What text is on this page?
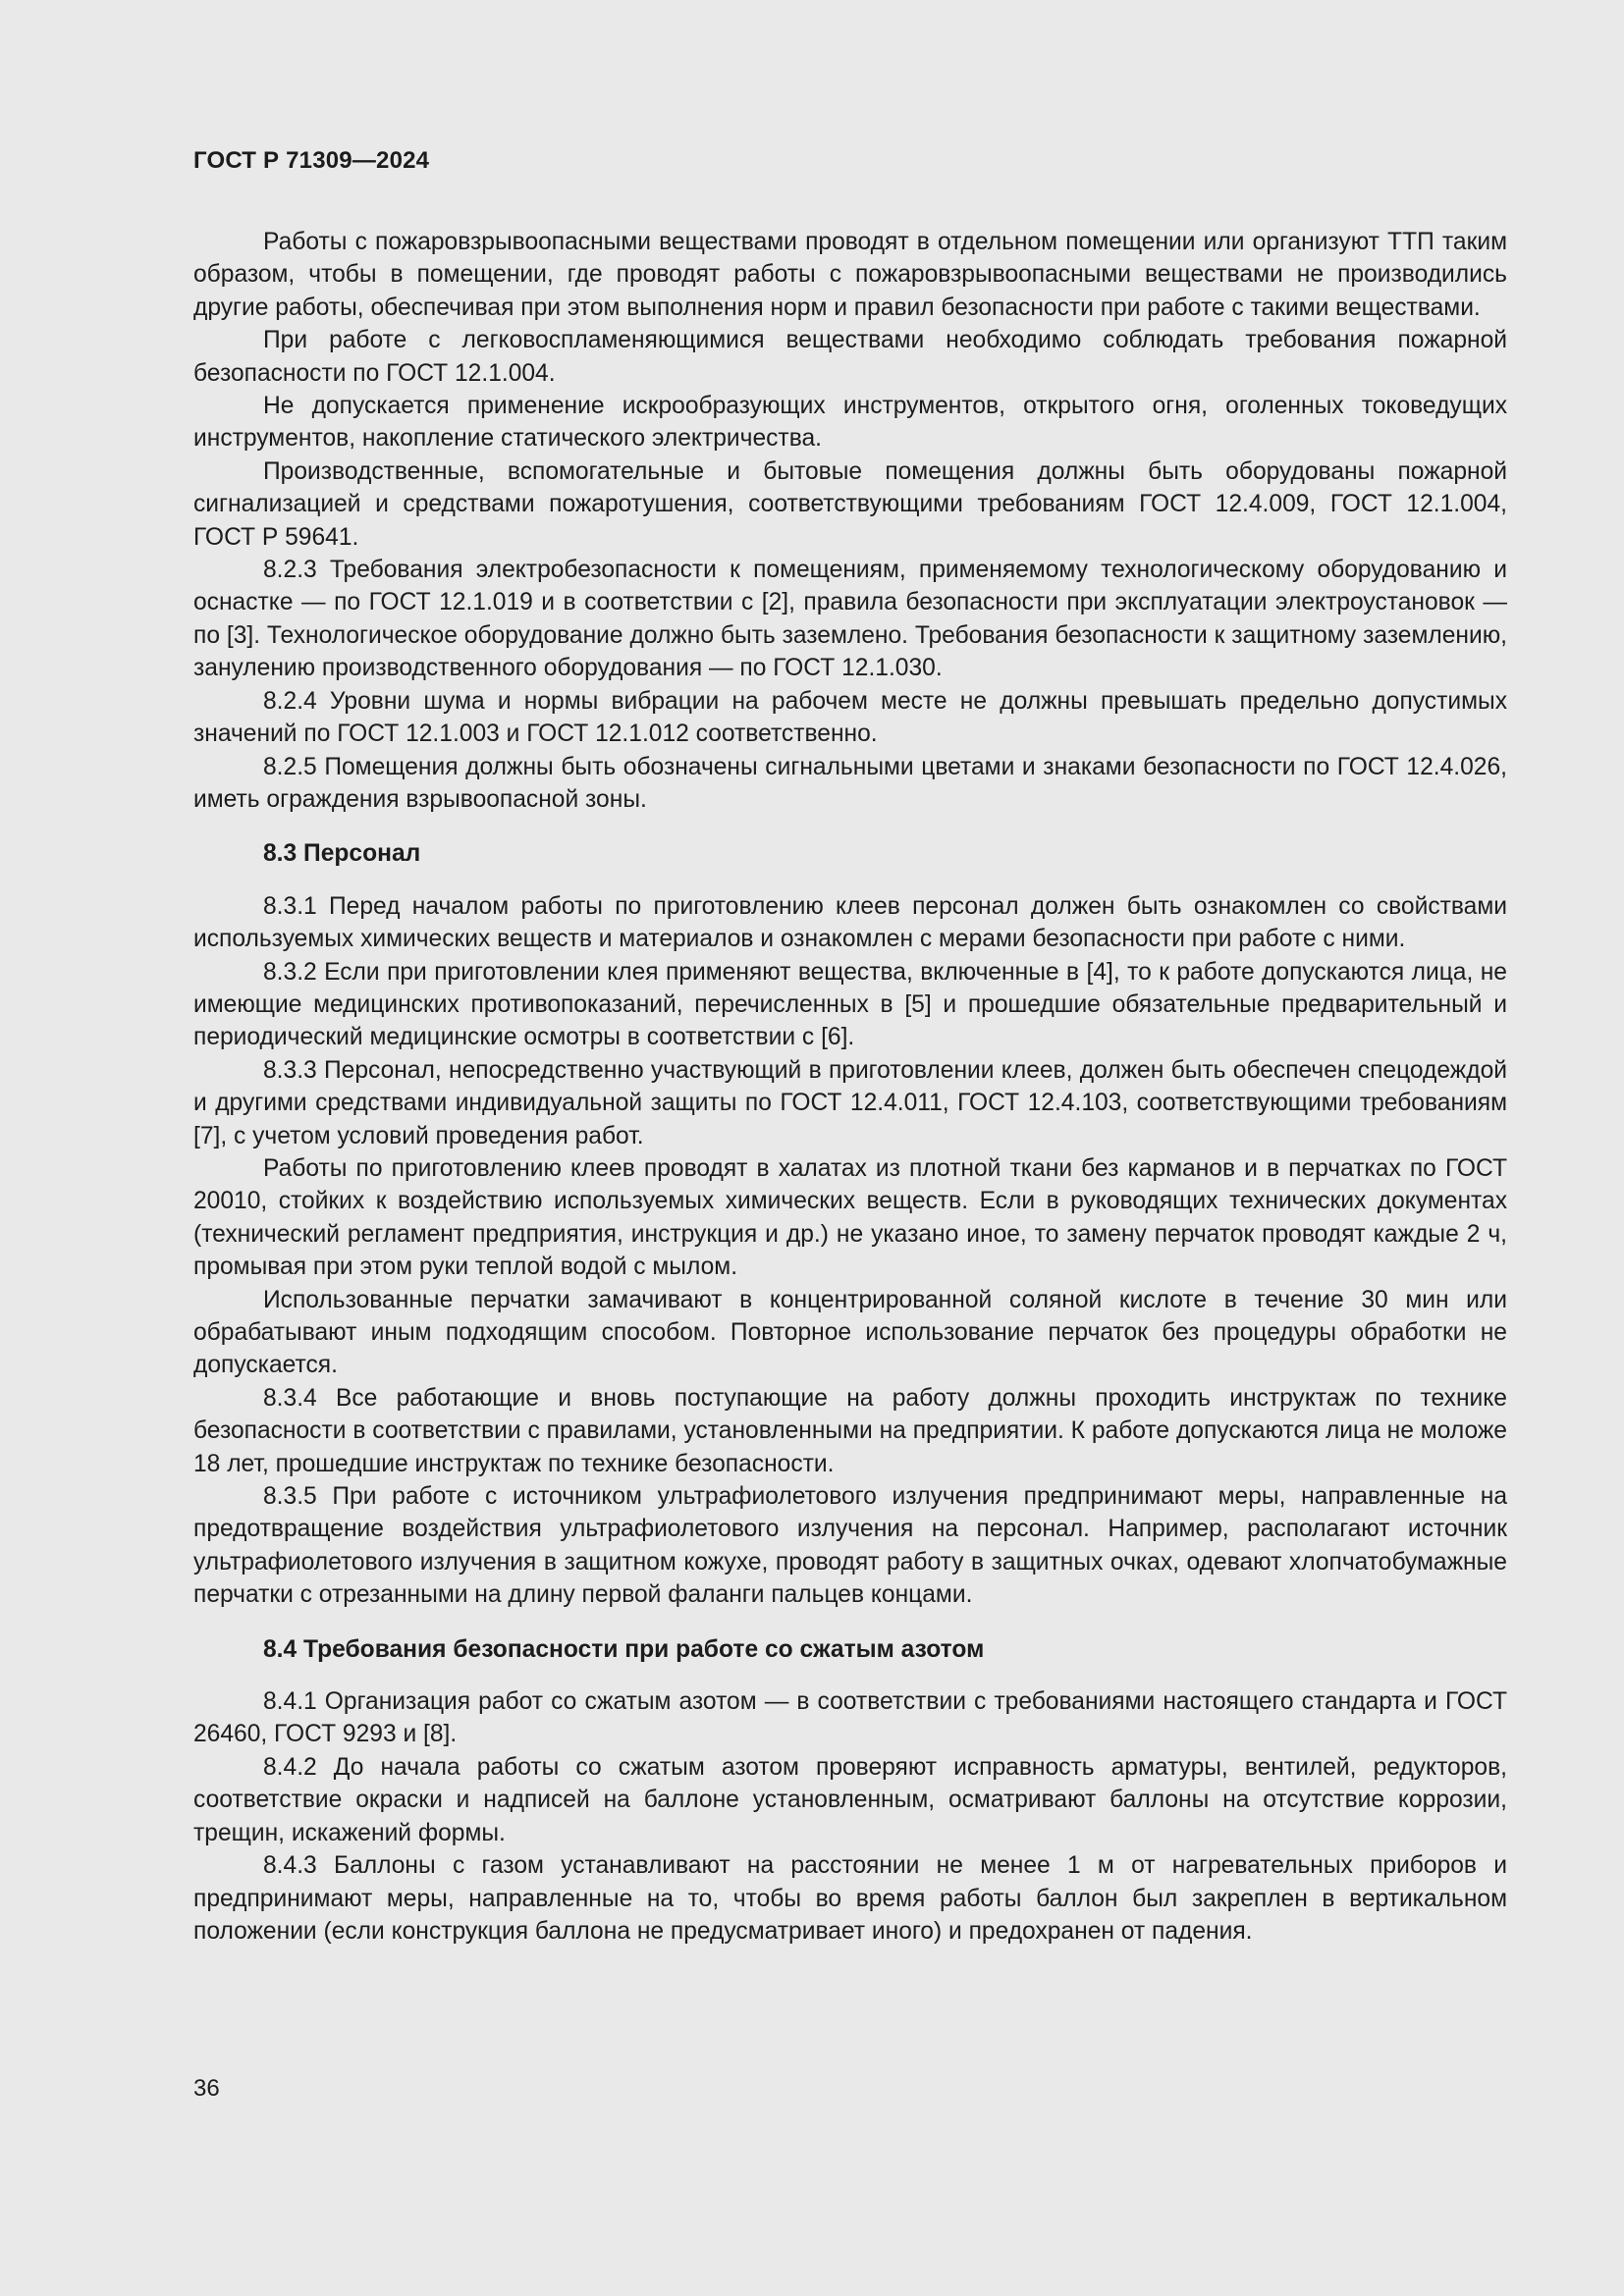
ГОСТ Р 71309—2024

Работы с пожаровзрывоопасными веществами проводят в отдельном помещении или организуют ТТП таким образом, чтобы в помещении, где проводят работы с пожаровзрывоопасными веществами не производились другие работы, обеспечивая при этом выполнения норм и правил безопасности при работе с такими веществами.

При работе с легковоспламеняющимися веществами необходимо соблюдать требования пожарной безопасности по ГОСТ 12.1.004.

Не допускается применение искрообразующих инструментов, открытого огня, оголенных токоведущих инструментов, накопление статического электричества.

Производственные, вспомогательные и бытовые помещения должны быть оборудованы пожарной сигнализацией и средствами пожаротушения, соответствующими требованиям ГОСТ 12.4.009, ГОСТ 12.1.004, ГОСТ Р 59641.

8.2.3 Требования электробезопасности к помещениям, применяемому технологическому оборудованию и оснастке — по ГОСТ 12.1.019 и в соответствии с [2], правила безопасности при эксплуатации электроустановок — по [3]. Технологическое оборудование должно быть заземлено. Требования безопасности к защитному заземлению, занулению производственного оборудования — по ГОСТ 12.1.030.

8.2.4 Уровни шума и нормы вибрации на рабочем месте не должны превышать предельно допустимых значений по ГОСТ 12.1.003 и ГОСТ 12.1.012 соответственно.

8.2.5 Помещения должны быть обозначены сигнальными цветами и знаками безопасности по ГОСТ 12.4.026, иметь ограждения взрывоопасной зоны.

8.3 Персонал

8.3.1 Перед началом работы по приготовлению клеев персонал должен быть ознакомлен со свойствами используемых химических веществ и материалов и ознакомлен с мерами безопасности при работе с ними.

8.3.2 Если при приготовлении клея применяют вещества, включенные в [4], то к работе допускаются лица, не имеющие медицинских противопоказаний, перечисленных в [5] и прошедшие обязательные предварительный и периодический медицинские осмотры в соответствии с [6].

8.3.3 Персонал, непосредственно участвующий в приготовлении клеев, должен быть обеспечен спецодеждой и другими средствами индивидуальной защиты по ГОСТ 12.4.011, ГОСТ 12.4.103, соответствующими требованиям [7], с учетом условий проведения работ.

Работы по приготовлению клеев проводят в халатах из плотной ткани без карманов и в перчатках по ГОСТ 20010, стойких к воздействию используемых химических веществ. Если в руководящих технических документах (технический регламент предприятия, инструкция и др.) не указано иное, то замену перчаток проводят каждые 2 ч, промывая при этом руки теплой водой с мылом.

Использованные перчатки замачивают в концентрированной соляной кислоте в течение 30 мин или обрабатывают иным подходящим способом. Повторное использование перчаток без процедуры обработки не допускается.

8.3.4 Все работающие и вновь поступающие на работу должны проходить инструктаж по технике безопасности в соответствии с правилами, установленными на предприятии. К работе допускаются лица не моложе 18 лет, прошедшие инструктаж по технике безопасности.

8.3.5 При работе с источником ультрафиолетового излучения предпринимают меры, направленные на предотвращение воздействия ультрафиолетового излучения на персонал. Например, располагают источник ультрафиолетового излучения в защитном кожухе, проводят работу в защитных очках, одевают хлопчатобумажные перчатки с отрезанными на длину первой фаланги пальцев концами.

8.4 Требования безопасности при работе со сжатым азотом

8.4.1 Организация работ со сжатым азотом — в соответствии с требованиями настоящего стандарта и ГОСТ 26460, ГОСТ 9293 и [8].

8.4.2 До начала работы со сжатым азотом проверяют исправность арматуры, вентилей, редукторов, соответствие окраски и надписей на баллоне установленным, осматривают баллоны на отсутствие коррозии, трещин, искажений формы.

8.4.3 Баллоны с газом устанавливают на расстоянии не менее 1 м от нагревательных приборов и предпринимают меры, направленные на то, чтобы во время работы баллон был закреплен в вертикальном положении (если конструкция баллона не предусматривает иного) и предохранен от падения.

36
